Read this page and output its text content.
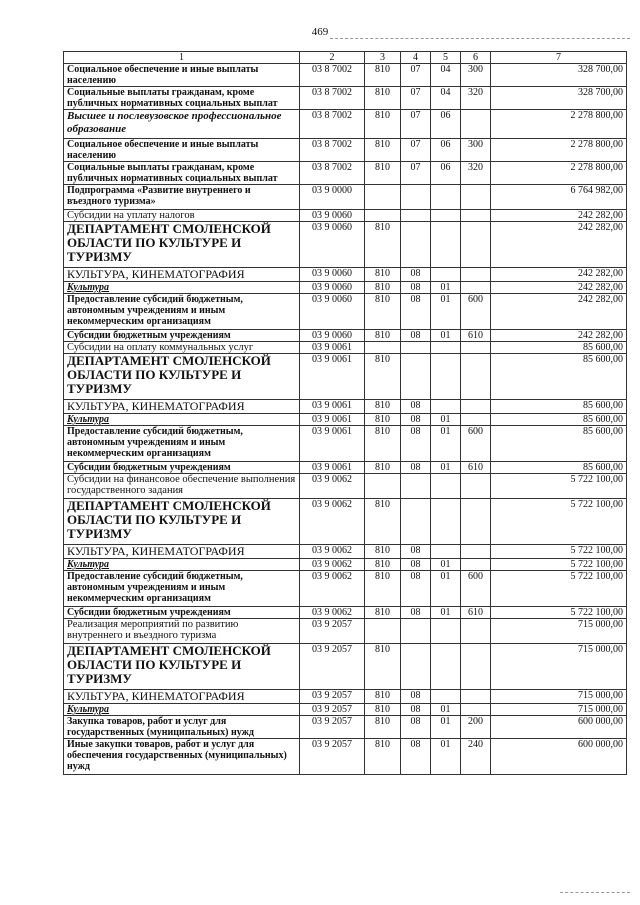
469
1	2	3	4	5	6	7
Социальное обеспечение и иные выплаты населению	03 8 7002	810	07	04	300	328 700,00
Социальные выплаты гражданам, кроме публичных нормативных социальных выплат	03 8 7002	810	07	04	320	328 700,00
Высшее и послевузовское профессиональное образование	03 8 7002	810	07	06		2 278 800,00
Социальное обеспечение и иные выплаты населению	03 8 7002	810	07	06	300	2 278 800,00
Социальные выплаты гражданам, кроме публичных нормативных социальных выплат	03 8 7002	810	07	06	320	2 278 800,00
Подпрограмма «Развитие внутреннего и въездного туризма»	03 9 0000					6 764 982,00
Субсидии на уплату налогов	03 9 0060					242 282,00
ДЕПАРТАМЕНТ СМОЛЕНСКОЙ ОБЛАСТИ ПО КУЛЬТУРЕ И ТУРИЗМУ	03 9 0060	810				242 282,00
КУЛЬТУРА, КИНЕМАТОГРАФИЯ	03 9 0060	810	08			242 282,00
Культура	03 9 0060	810	08	01		242 282,00
Предоставление субсидий бюджетным, автономным учреждениям и иным некоммерческим организациям	03 9 0060	810	08	01	600	242 282,00
Субсидии бюджетным учреждениям	03 9 0060	810	08	01	610	242 282,00
Субсидии на оплату коммунальных услуг	03 9 0061					85 600,00
ДЕПАРТАМЕНТ СМОЛЕНСКОЙ ОБЛАСТИ ПО КУЛЬТУРЕ И ТУРИЗМУ	03 9 0061	810				85 600,00
КУЛЬТУРА, КИНЕМАТОГРАФИЯ	03 9 0061	810	08			85 600,00
Культура	03 9 0061	810	08	01		85 600,00
Предоставление субсидий бюджетным, автономным учреждениям и иным некоммерческим организациям	03 9 0061	810	08	01	600	85 600,00
Субсидии бюджетным учреждениям	03 9 0061	810	08	01	610	85 600,00
Субсидии на финансовое обеспечение выполнения государственного задания	03 9 0062					5 722 100,00
ДЕПАРТАМЕНТ СМОЛЕНСКОЙ ОБЛАСТИ ПО КУЛЬТУРЕ И ТУРИЗМУ	03 9 0062	810				5 722 100,00
КУЛЬТУРА, КИНЕМАТОГРАФИЯ	03 9 0062	810	08			5 722 100,00
Культура	03 9 0062	810	08	01		5 722 100,00
Предоставление субсидий бюджетным, автономным учреждениям и иным некоммерческим организациям	03 9 0062	810	08	01	600	5 722 100,00
Субсидии бюджетным учреждениям	03 9 0062	810	08	01	610	5 722 100,00
Реализация мероприятий по развитию внутреннего и въездного туризма	03 9 2057					715 000,00
ДЕПАРТАМЕНТ СМОЛЕНСКОЙ ОБЛАСТИ ПО КУЛЬТУРЕ И ТУРИЗМУ	03 9 2057	810				715 000,00
КУЛЬТУРА, КИНЕМАТОГРАФИЯ	03 9 2057	810	08			715 000,00
Культура	03 9 2057	810	08	01		715 000,00
Закупка товаров, работ и услуг для государственных (муниципальных) нужд	03 9 2057	810	08	01	200	600 000,00
Иные закупки товаров, работ и услуг для обеспечения государственных (муниципальных) нужд	03 9 2057	810	08	01	240	600 000,00
